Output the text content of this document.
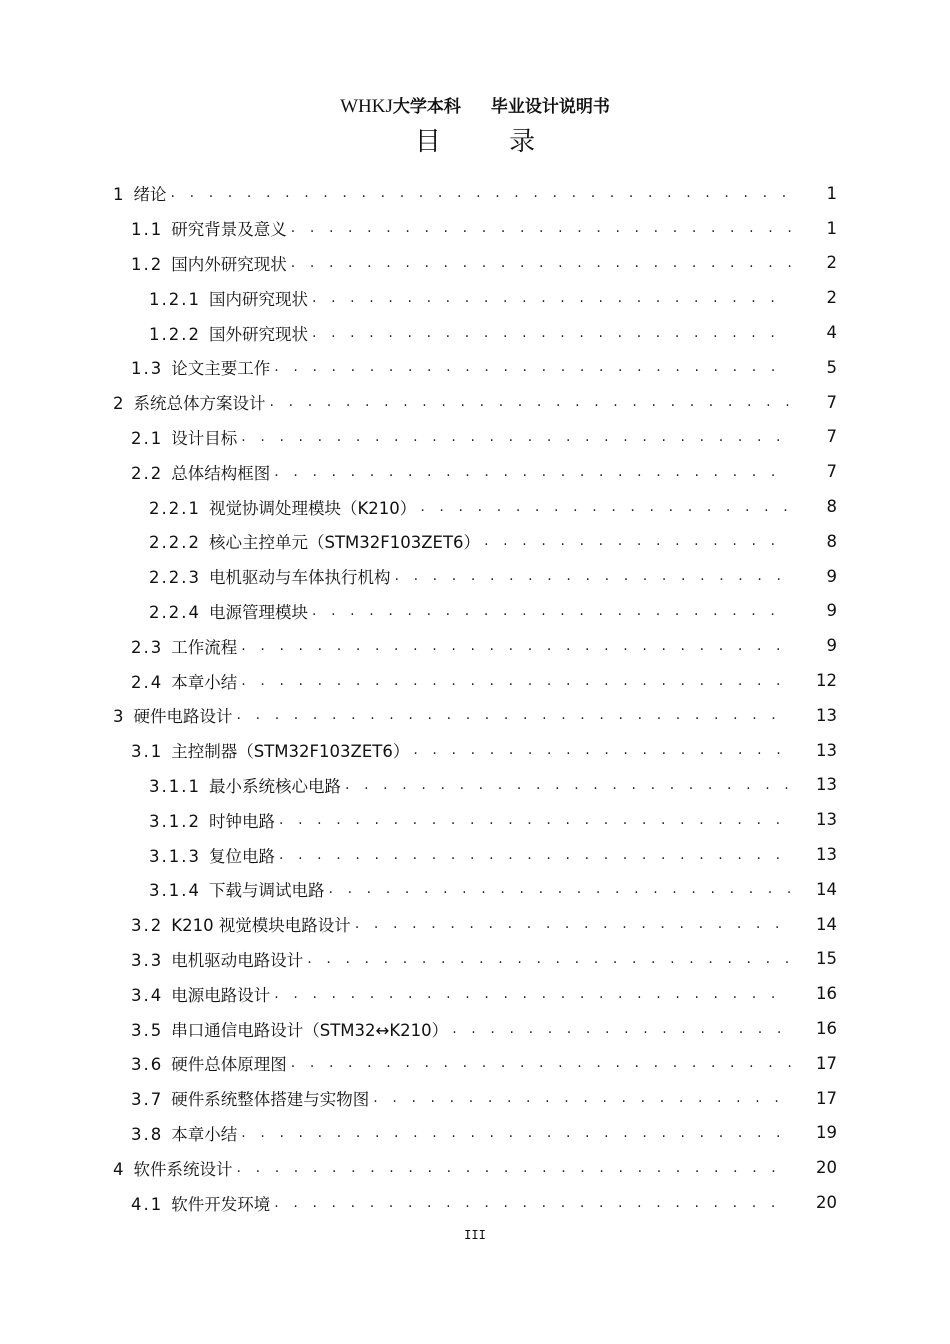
WHKJ大学本科 毕业设计说明书
目 录
1 绪论 . . .	1
1.1 研究背景及意义 . . .	1
1.2 国内外研究现状 . . .	2
1.2.1 国内研究现状 . . .	2
1.2.2 国外研究现状 . . .	4
1.3 论文主要工作 . . .	5
2 系统总体方案设计 . . .	7
2.1 设计目标 . . .	7
2.2 总体结构框图 . . .	7
2.2.1 视觉协调处理模块（K210） . . .	8
2.2.2 核心主控单元（STM32F103ZET6） . . .	8
2.2.3 电机驱动与车体执行机构 . . .	9
2.2.4 电源管理模块 . . .	9
2.3 工作流程 . . .	9
2.4 本章小结 . . .	12
3 硬件电路设计 . . .	13
3.1 主控制器（STM32F103ZET6） . . .	13
3.1.1 最小系统核心电路 . . .	13
3.1.2 时钟电路 . . .	13
3.1.3 复位电路 . . .	13
3.1.4 下载与调试电路 . . .	14
3.2 K210 视觉模块电路设计 . . .	14
3.3 电机驱动电路设计 . . .	15
3.4 电源电路设计 . . .	16
3.5 串口通信电路设计（STM32↔K210） . . .	16
3.6 硬件总体原理图 . . .	17
3.7 硬件系统整体搭建与实物图 . . .	17
3.8 本章小结 . . .	19
4 软件系统设计 . . .	20
4.1 软件开发环境 . . .	20
III
